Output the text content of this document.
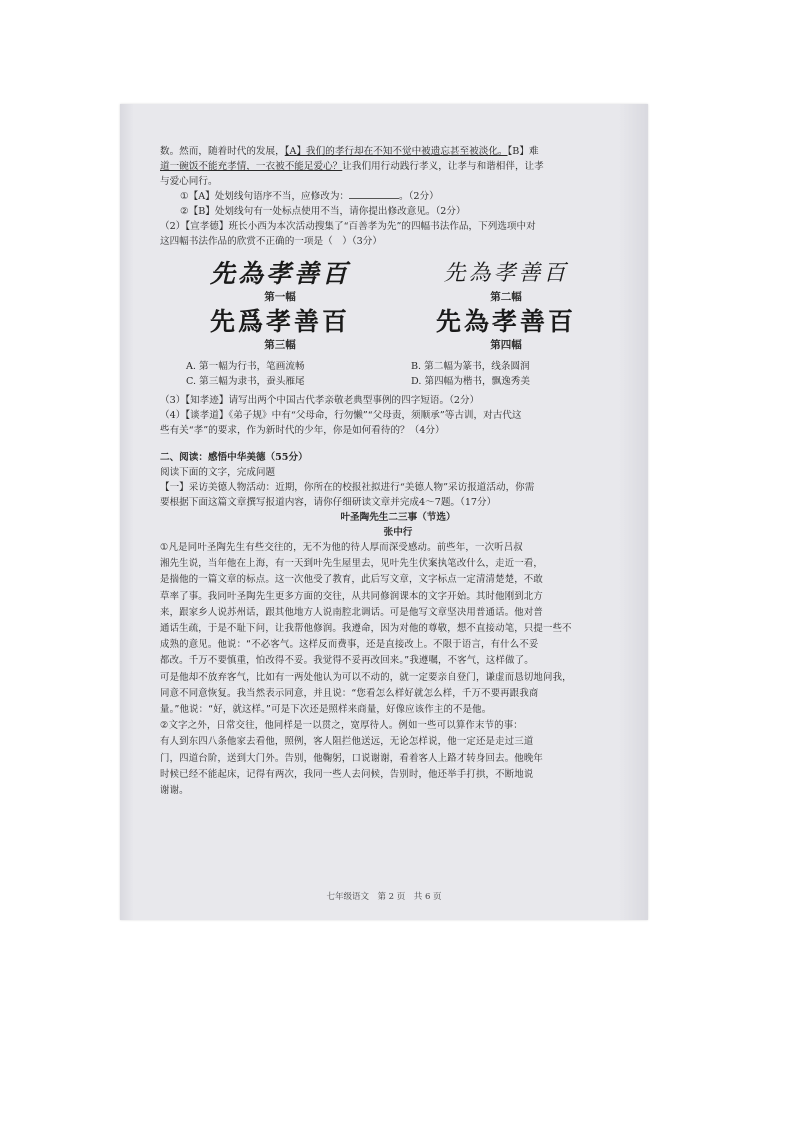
数。然而，随着时代的发展，【A】我们的孝行却在不知不觉中被遗忘甚至被淡化。【B】难
道一碗饭不能充孝情，一衣被不能足爱心？让我们用行动践行孝义，让孝与和谐相伴，让孝
与爱心同行。
①【A】处划线句语序不当，应修改为：	。（2分）
②【B】处划线句有一处标点使用不当，请你提出修改意见。（2分）
（2）【宣孝德】班长小西为本次活动搜集了“百善孝为先”的四幅书法作品，下列选项中对
这四幅书法作品的欣赏不正确的一项是（　）（3分）
先為孝善百
第一幅
先為孝善百
第二幅
先爲孝善百
第三幅
先為孝善百
第四幅
A. 第一幅为行书，笔画流畅	B. 第二幅为篆书，线条圆润
C. 第三幅为隶书，蚕头雁尾	D. 第四幅为楷书，飘逸秀美
（3）【知孝迹】请写出两个中国古代孝亲敬老典型事例的四字短语。（2分）
（4）【谈孝道】《弟子规》中有“父母命，行勿懒”“父母责，须顺承”等古训，对古代这
些有关“孝”的要求，作为新时代的少年，你是如何看待的？（4分）
二、阅读：感悟中华美德（55分）
阅读下面的文字，完成问题
【一】采访美德人物活动：近期，你所在的校报社拟进行“美德人物”采访报道活动，你需
要根据下面这篇文章撰写报道内容，请你仔细研读文章并完成4～7题。（17分）
叶圣陶先生二三事（节选）
张中行
①凡是同叶圣陶先生有些交往的，无不为他的待人厚而深受感动。前些年，一次听吕叔
湘先生说，当年他在上海，有一天到叶先生屋里去，见叶先生伏案执笔改什么，走近一看，
是揣他的一篇文章的标点。这一次他受了教育，此后写文章，文字标点一定清清楚楚，不敢
草率了事。我同叶圣陶先生更多方面的交往，从共同修润课本的文字开始。其时他刚到北方
来，跟家乡人说苏州话，跟其他地方人说南腔北调话。可是他写文章坚决用普通话。他对普
通话生疏，于是不耻下问，让我帮他修润。我遵命，因为对他的尊敬，想不直接动笔，只提一些不
成熟的意见。他说：“不必客气。这样反而费事，还是直接改上。不限于语言，有什么不妥
都改。千万不要慎重，怕改得不妥。我觉得不妥再改回来。”我遵嘱，不客气，这样做了。
可是他却不放弃客气，比如有一两处他认为可以不动的，就一定要亲自登门，谦虚而恳切地问我，
同意不同意恢复。我当然表示同意，并且说：“您看怎么样好就怎么样，千万不要再跟我商
量。”他说：“好，就这样。”可是下次还是照样来商量，好像应该作主的不是他。
②文字之外，日常交往，他同样是一以贯之，宽厚待人。例如一些可以算作末节的事：
有人到东四八条他家去看他，照例，客人阻拦他送远，无论怎样说，他一定还是走过三道
门，四道台阶，送到大门外。告别，他鞠躬，口说谢谢，看着客人上路才转身回去。他晚年
时候已经不能起床，记得有两次，我同一些人去问候，告别时，他还举手打拱，不断地说
谢谢。
七年级语文　第 2 页　共 6 页
